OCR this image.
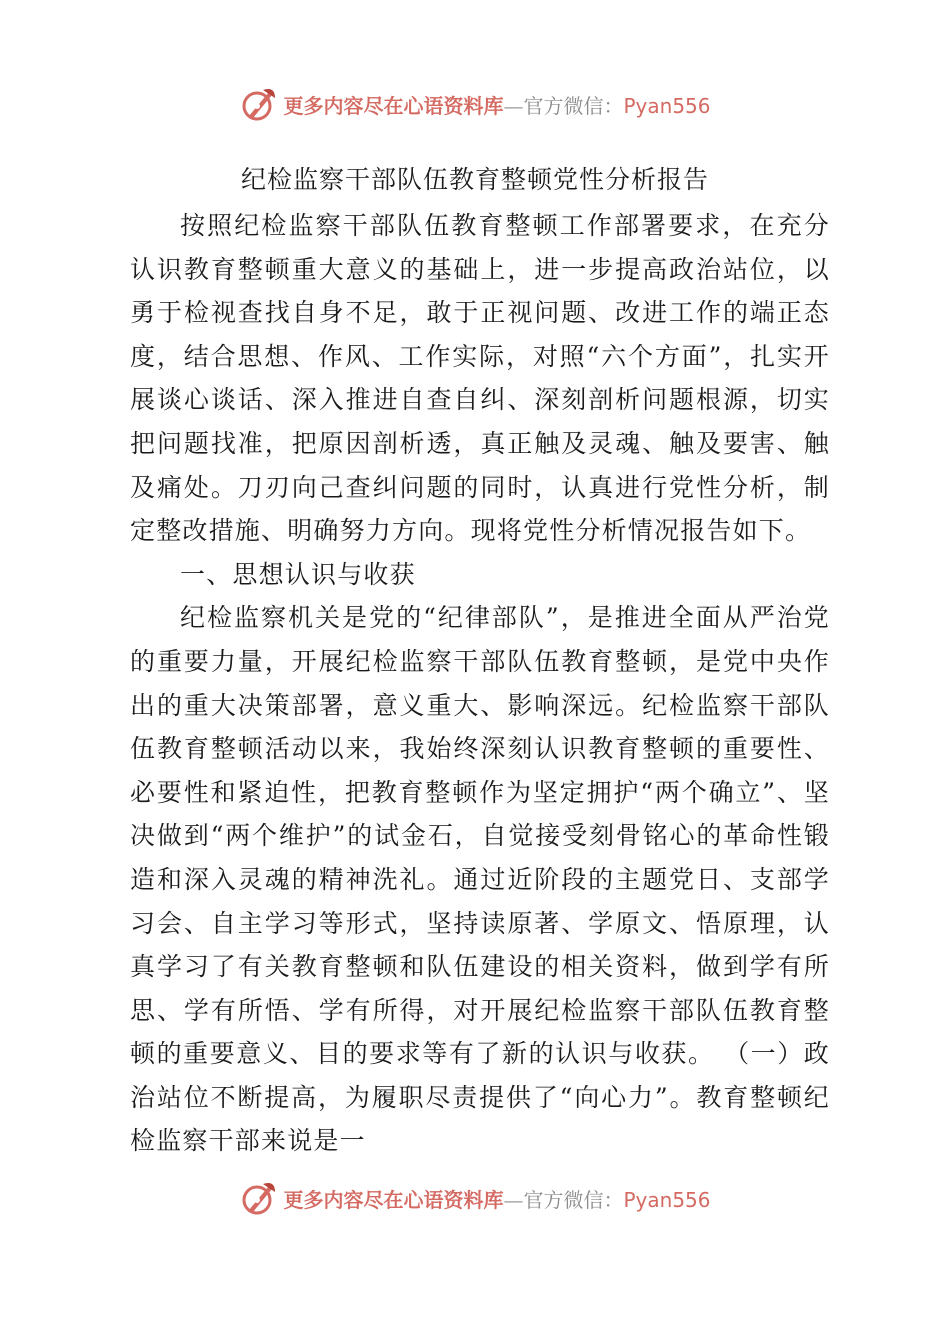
更多内容尽在心语资料库—官方微信：Pyan556
纪检监察干部队伍教育整顿党性分析报告

按照纪检监察干部队伍教育整顿工作部署要求，在充分认识教育整顿重大意义的基础上，进一步提高政治站位，以勇于检视查找自身不足，敢于正视问题、改进工作的端正态度，结合思想、作风、工作实际，对照“六个方面”，扎实开展谈心谈话、深入推进自查自纠、深刻剖析问题根源，切实把问题找准，把原因剖析透，真正触及灵魂、触及要害、触及痛处。刀刃向己查纠问题的同时，认真进行党性分析，制定整改措施、明确努力方向。现将党性分析情况报告如下。

一、思想认识与收获

纪检监察机关是党的“纪律部队”，是推进全面从严治党的重要力量，开展纪检监察干部队伍教育整顿，是党中央作出的重大决策部署，意义重大、影响深远。纪检监察干部队伍教育整顿活动以来，我始终深刻认识教育整顿的重要性、必要性和紧迫性，把教育整顿作为坚定拥护“两个确立”、坚决做到“两个维护”的试金石，自觉接受刻骨铭心的革命性锻造和深入灵魂的精神洗礼。通过近阶段的主题党日、支部学习会、自主学习等形式，坚持读原著、学原文、悟原理，认真学习了有关教育整顿和队伍建设的相关资料，做到学有所思、学有所悟、学有所得，对开展纪检监察干部队伍教育整顿的重要意义、目的要求等有了新的认识与收获。 （一）政治站位不断提高，为履职尽责提供了“向心力”。教育整顿纪检监察干部来说是一

更多内容尽在心语资料库—官方微信：Pyan556
